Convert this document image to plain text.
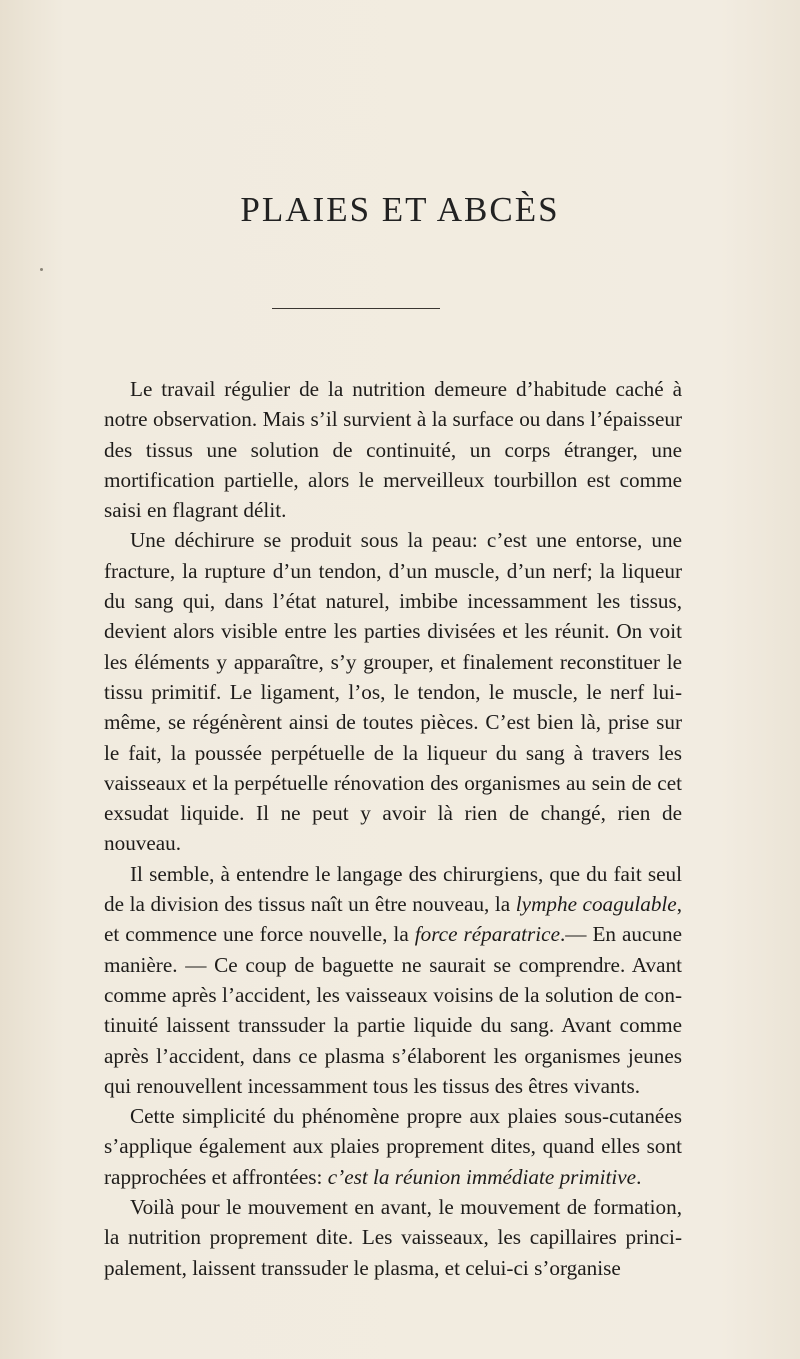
PLAIES ET ABCÈS

Le travail régulier de la nutrition demeure d’habitude caché à notre observation. Mais s’il survient à la surface ou dans l’épaisseur des tissus une solution de continuité, un corps étranger, une mortification partielle, alors le merveilleux tourbillon est comme saisi en flagrant délit.

Une déchirure se produit sous la peau: c’est une entorse, une fracture, la rupture d’un tendon, d’un muscle, d’un nerf; la liqueur du sang qui, dans l’état naturel, imbibe incessamment les tissus, devient alors visible entre les parties divisées et les réunit. On voit les éléments y apparaître, s’y grouper, et finalement reconstituer le tissu primitif. Le ligament, l’os, le tendon, le muscle, le nerf lui-même, se régénèrent ainsi de toutes pièces. C’est bien là, prise sur le fait, la poussée perpétuelle de la liqueur du sang à travers les vaisseaux et la perpétuelle rénovation des organismes au sein de cet exsudat liquide. Il ne peut y avoir là rien de changé, rien de nouveau.

Il semble, à entendre le langage des chirurgiens, que du fait seul de la division des tissus naît un être nouveau, la lymphe coagulable, et commence une force nouvelle, la force réparatrice.— En aucune manière. — Ce coup de baguette ne saurait se comprendre. Avant comme après l’accident, les vaisseaux voisins de la solution de continuité laissent transsuder la partie liquide du sang. Avant comme après l’accident, dans ce plasma s’élaborent les organismes jeunes qui renouvellent incessamment tous les tissus des êtres vivants.

Cette simplicité du phénomène propre aux plaies sous-cutanées s’applique également aux plaies proprement dites, quand elles sont rapprochées et affrontées: c’est la réunion immédiate primitive.

Voilà pour le mouvement en avant, le mouvement de formation, la nutrition proprement dite. Les vaisseaux, les capillaires principalement, laissent transsuder le plasma, et celui-ci s’organise
